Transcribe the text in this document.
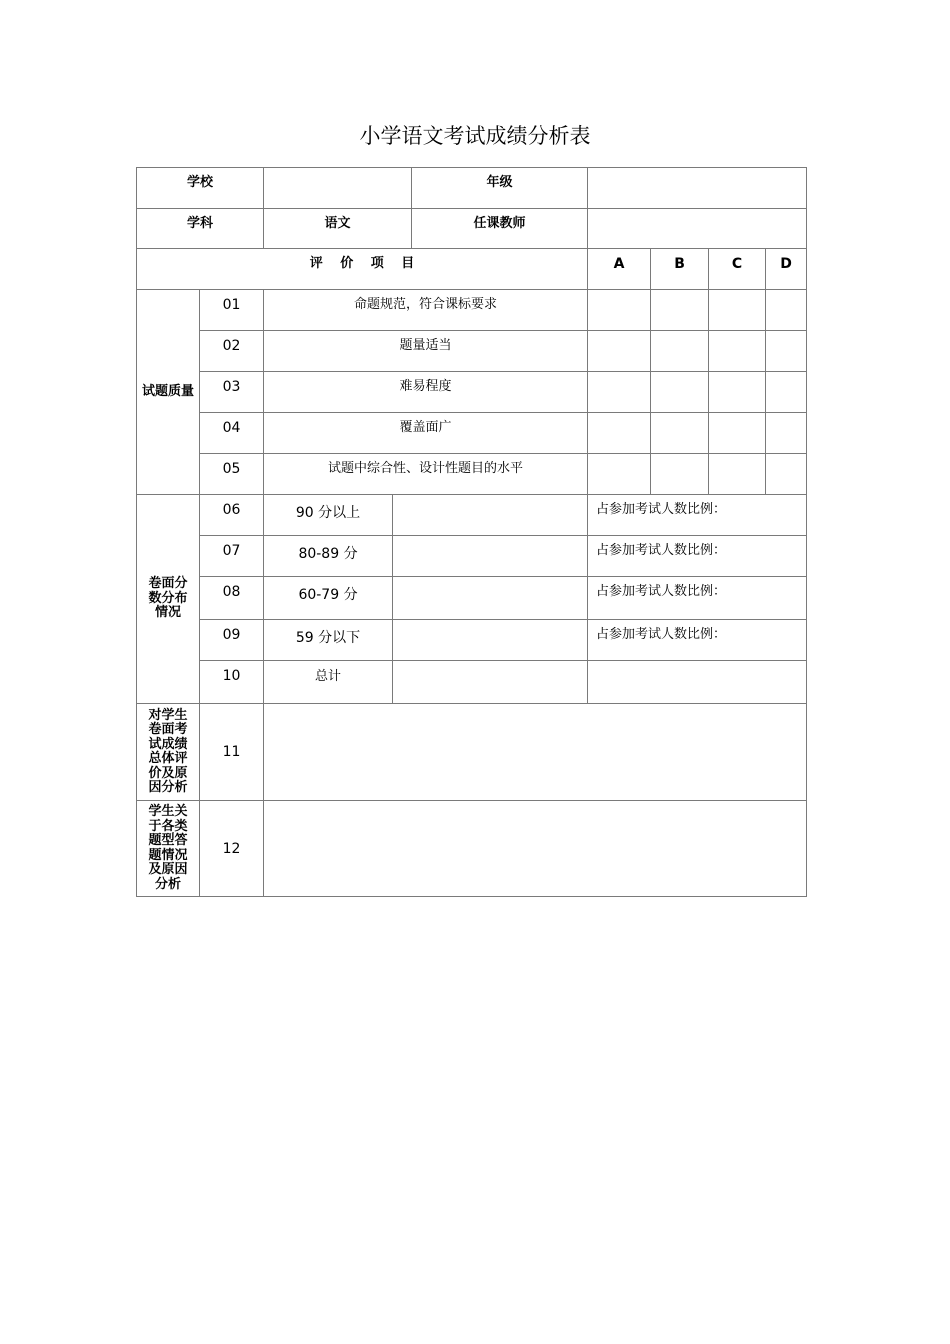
小学语文考试成绩分析表
学校				年级				

学科		语文		任课教师				

评　 价　 项　 目					A	B	C	D

试题质量	01	命题规范，符合课标要求						

	02	题量适当						

	03	难易程度						

	04	覆盖面广						

	05	试题中综合性、设计性题目的水平						

卷面分数分布情况	06	90 分以上			占参加考试人数比例：			

	07	80-89 分			占参加考试人数比例：			

	08	60-79 分			占参加考试人数比例：			

	09	59 分以下			占参加考试人数比例：			

	10	总计						

对学生卷面考试成绩总体评价及原因分析	11							

学生关于各类题型答题情况及原因分析	12							
